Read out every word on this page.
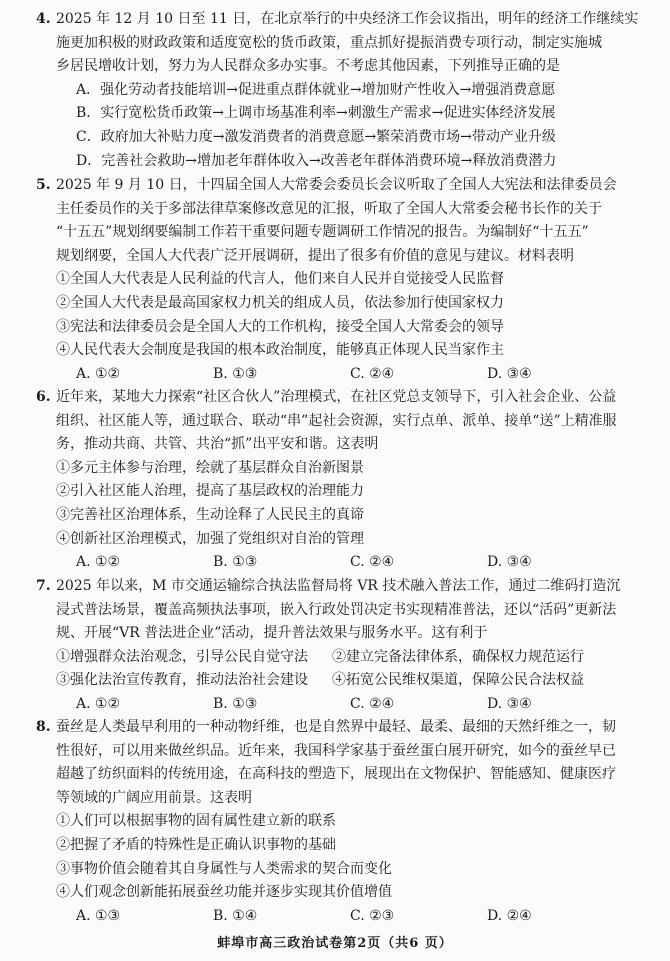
4. 2025 年 12 月 10 日至 11 日，在北京举行的中央经济工作会议指出，明年的经济工作继续实
施更加积极的财政政策和适度宽松的货币政策，重点抓好提振消费专项行动，制定实施城
乡居民增收计划，努力为人民群众多办实事。不考虑其他因素，下列推导正确的是
A．强化劳动者技能培训→促进重点群体就业→增加财产性收入→增强消费意愿
B．实行宽松货币政策→上调市场基准利率→刺激生产需求→促进实体经济发展
C．政府加大补贴力度→激发消费者的消费意愿→繁荣消费市场→带动产业升级
D．完善社会救助→增加老年群体收入→改善老年群体消费环境→释放消费潜力
5. 2025 年 9 月 10 日，十四届全国人大常委会委员长会议听取了全国人大宪法和法律委员会
主任委员作的关于多部法律草案修改意见的汇报，听取了全国人大常委会秘书长作的关于
“十五五”规划纲要编制工作若干重要问题专题调研工作情况的报告。为编制好“十五五”
规划纲要，全国人大代表广泛开展调研，提出了很多有价值的意见与建议。材料表明
①全国人大代表是人民利益的代言人，他们来自人民并自觉接受人民监督
②全国人大代表是最高国家权力机关的组成人员，依法参加行使国家权力
③宪法和法律委员会是全国人大的工作机构，接受全国人大常委会的领导
④人民代表大会制度是我国的根本政治制度，能够真正体现人民当家作主
A. ①②	B. ①③	C. ②④	D. ③④
6. 近年来，某地大力探索“社区合伙人”治理模式，在社区党总支领导下，引入社会企业、公益
组织、社区能人等，通过联合、联动“串”起社会资源，实行点单、派单、接单“送”上精准服
务，推动共商、共管、共治“抓”出平安和谐。这表明
①多元主体参与治理，绘就了基层群众自治新图景
②引入社区能人治理，提高了基层政权的治理能力
③完善社区治理体系，生动诠释了人民民主的真谛
④创新社区治理模式，加强了党组织对自治的管理
A. ①②	B. ①③	C. ②④	D. ③④
7. 2025 年以来，M 市交通运输综合执法监督局将 VR 技术融入普法工作，通过二维码打造沉
浸式普法场景，覆盖高频执法事项，嵌入行政处罚决定书实现精准普法，还以“活码”更新法
规、开展“VR 普法进企业”活动，提升普法效果与服务水平。这有利于
①增强群众法治观念，引导公民自觉守法	②建立完备法律体系，确保权力规范运行
③强化法治宣传教育，推动法治社会建设	④拓宽公民维权渠道，保障公民合法权益
A. ①②	B. ①③	C. ②④	D. ③④
8. 蚕丝是人类最早利用的一种动物纤维，也是自然界中最轻、最柔、最细的天然纤维之一，韧
性很好，可以用来做丝织品。近年来，我国科学家基于蚕丝蛋白展开研究，如今的蚕丝早已
超越了纺织面料的传统用途，在高科技的塑造下，展现出在文物保护、智能感知、健康医疗
等领域的广阔应用前景。这表明
①人们可以根据事物的固有属性建立新的联系
②把握了矛盾的特殊性是正确认识事物的基础
③事物价值会随着其自身属性与人类需求的契合而变化
④人们观念创新能拓展蚕丝功能并逐步实现其价值增值
A. ①③	B. ①④	C. ②③	D. ②④
蚌埠市高三政治试卷第2页（共6 页）
